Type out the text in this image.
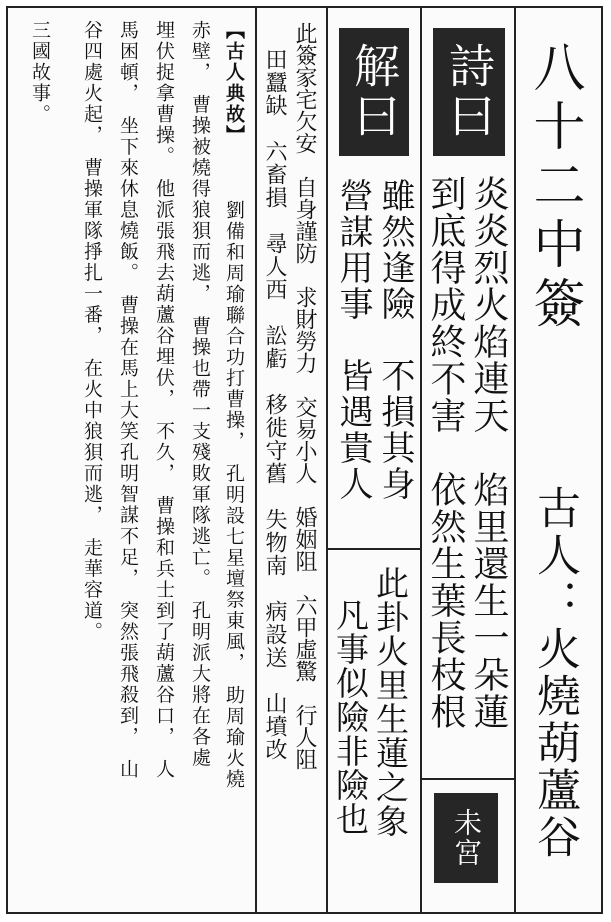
八十二中簽
古人：火燒葫蘆谷
詩曰
炎炎烈火焰連天　焰里還生一朵蓮
到底得成終不害　依然生葉長枝根
未宮
解曰
雖然逢險　不損其身
營謀用事　皆遇貴人
此卦火里生蓮之象
凡事似險非險也
此簽家宅欠安　自身謹防　求財勞力　交易小人　婚姻阻　六甲虛驚　行人阻
田蠶缺　六畜損　尋人西　訟虧　移徙守舊　失物南　病設送　山墳改
【古人典故】
劉備和周瑜聯合功打曹操，　孔明設七星壇祭東風，　助周瑜火燒
赤壁，　曹操被燒得狼狽而逃，　曹操也帶一支殘敗軍隊逃亡。　孔明派大將在各處
埋伏捉拿曹操。　他派張飛去葫蘆谷埋伏，　不久，　曹操和兵士到了葫蘆谷口，　人
馬困頓，　坐下來休息燒飯。　曹操在馬上大笑孔明智謀不足，　突然張飛殺到，　山
谷四處火起，　曹操軍隊掙扎一番，　在火中狼狽而逃，　走華容道。
三國故事。
